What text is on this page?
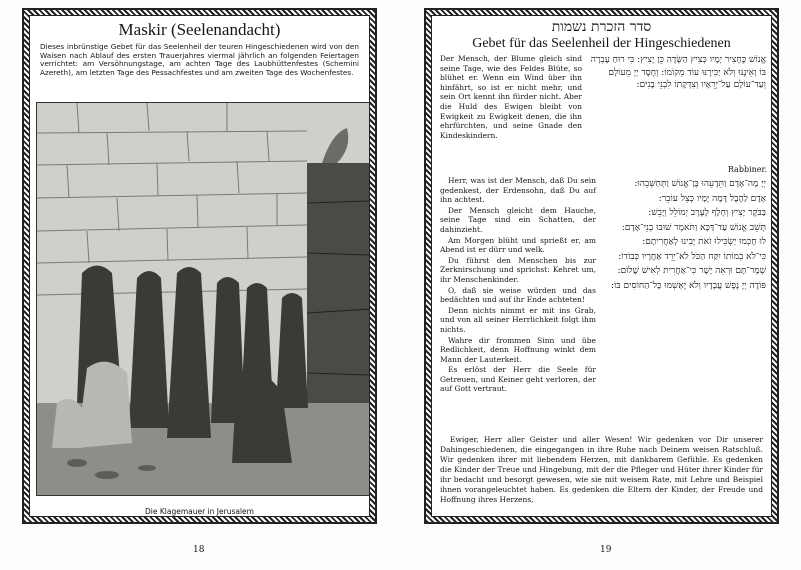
Maskir (Seelenandacht)
Dieses inbrünstige Gebet für das Seelenheil der teuren Hingeschiedenen wird von den Waisen nach Ablauf des ersten Trauerjahres viermal jährlich an folgenden Feiertagen verrichtet: am Versöhnungstage, am achten Tage des Laubhüttenfestes (Schemini Azereth), am letzten Tage des Pessachfestes und am zweiten Tage des Wochenfestes.
Die Klagemauer in Jerusalem
18
סדר הזכרת נשמות
Gebet für das Seelenheil der Hingeschiedenen
Der Mensch, der Blume gleich sind seine Tage, wie des Feldes Blüte, so blühet er. Wenn ein Wind über ihn hinfährt, so ist er nicht mehr, und sein Ort kennt ihn fürder nicht. Aber die Huld des Ewigen bleibt von Ewigkeit zu Ewigkeit denen, die ihn ehrfürchten, und seine Gnade den Kindeskindern.
אֱנוֹשׁ כֶּחָצִיר יָמָיו כְּצִיץ הַשָּׂדֶה כֵּן יָצִיץ: כִּי רוּחַ עָבְרָה בּוֹ וְאֵינֶנּוּ וְלֹא יַכִּירֶנּוּ עוֹד מְקוֹמוֹ: וְחֶסֶד יְיָ מֵעוֹלָם וְעַד־עוֹלָם עַל־יְרֵאָיו וְצִדְקָתוֹ לִבְנֵי בָנִים:
Rabbiner.

Herr, was ist der Mensch, daß Du sein gedenkest, der Erdensohn, daß Du auf ihn achtest.

Der Mensch gleicht dem Hauche, seine Tage sind ein Schatten, der dahinzieht.

Am Morgen blüht und sprießt er, am Abend ist er dürr und welk.

Du führst den Menschen bis zur Zerknirschung und sprichst: Kehret um, ihr Menschenkinder.

O, daß sie weise würden und das bedächten und auf ihr Ende achteten!

Denn nichts nimmt er mit ins Grab, und von all seiner Herrlichkeit folgt ihm nichts.

Wahre dir frommen Sinn und übe Redlichkeit, denn Hoffnung winkt dem Mann der Lauterkeit.

Es erlöst der Herr die Seele für Getreuen, und Keiner geht verloren, der auf Gott vertraut.

יְיָ מָה־אָדָם וַתֵּדָעֵהוּ בֶּן־אֱנוֹשׁ וַתְּחַשְּׁבֵהוּ:

אָדָם לַהֶבֶל דָּמָה יָמָיו כְּצֵל עוֹבֵר:

בַּבֹּקֶר יָצִיץ וְחָלָף לָעֶרֶב יְמוֹלֵל וְיָבֵשׁ:

תָּשֵׁב אֱנוֹשׁ עַד־דַּכָּא וַתֹּאמֶר שׁוּבוּ בְנֵי־אָדָם:

לוּ חָכְמוּ יַשְׂכִּילוּ זֹאת יָבִינוּ לְאַחֲרִיתָם:

כִּי־לֹא בְמוֹתוֹ יִקַּח הַכֹּל לֹא־יֵרֵד אַחֲרָיו כְּבוֹדוֹ:

שְׁמָר־תָּם וּרְאֵה יָשָׁר כִּי־אַחֲרִית לְאִישׁ שָׁלוֹם:

פּוֹדֶה יְיָ נֶפֶשׁ עֲבָדָיו וְלֹא יֶאְשְׁמוּ כָּל־הַחוֹסִים בּוֹ:

Ewiger, Herr aller Geister und aller Wesen! Wir gedenken vor Dir unserer Dahingeschiedenen, die eingegangen in ihre Ruhe nach Deinem weisen Ratschluß. Wir gedenken ihrer mit liebendem Herzen, mit dankbarem Gefühle. Es gedenken die Kinder der Treue und Hingebung, mit der die Pfleger und Hüter ihrer Kinder für ihr bedacht und besorgt gewesen, wie sie mit weisem Rate, mit Lehre und Beispiel ihnen vorangeleuchtet haben. Es gedenken die Eltern der Kinder, der Freude und Hoffnung ihres Herzens,
19
